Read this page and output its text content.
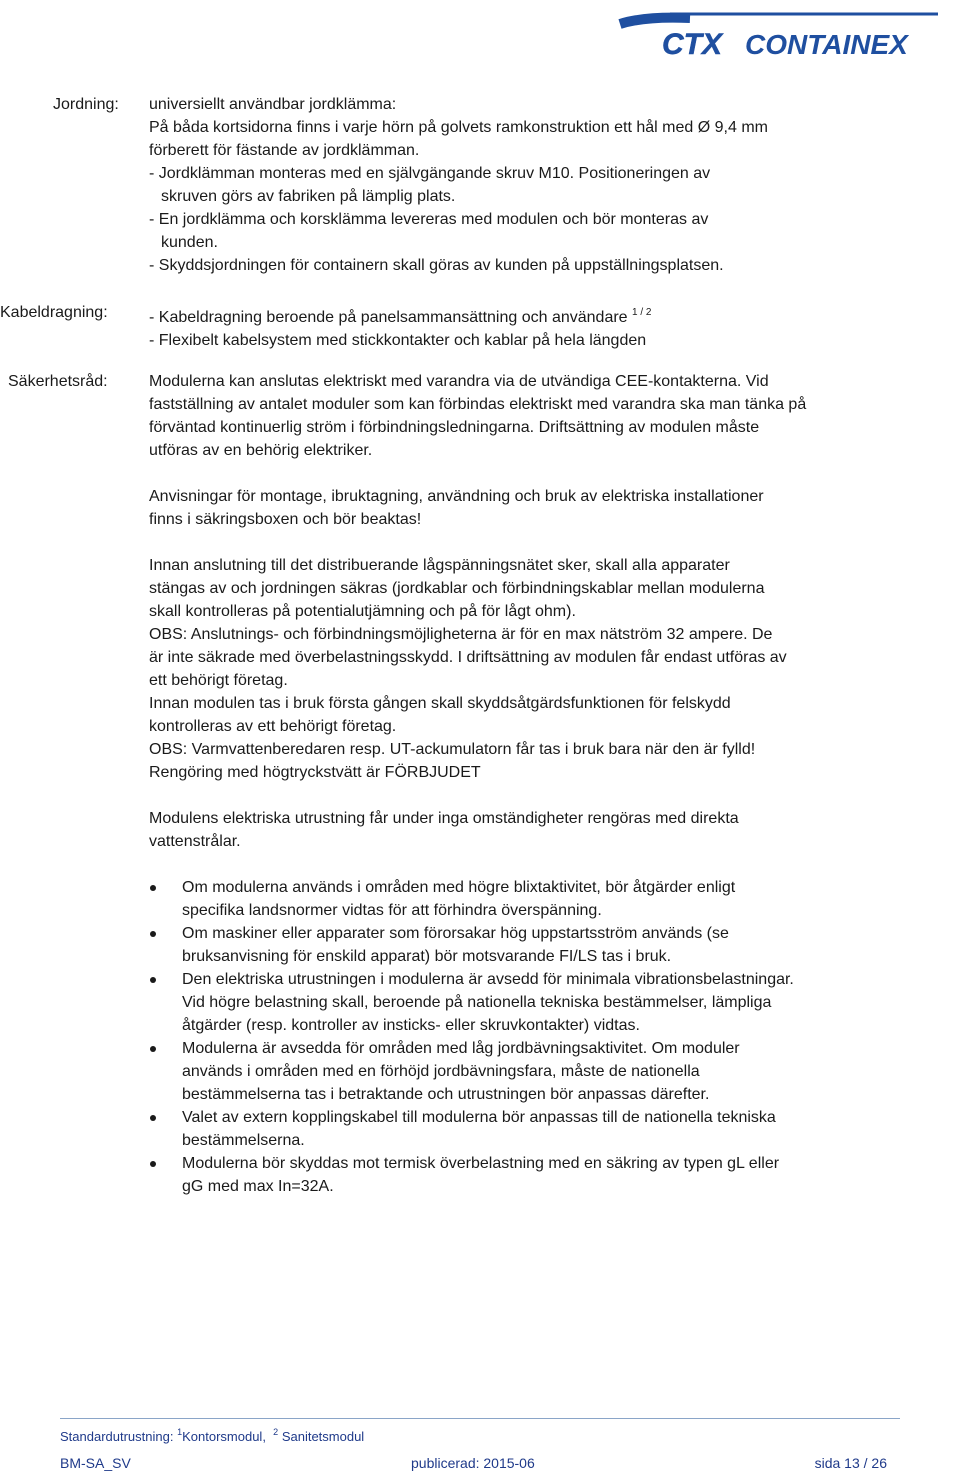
CTX CONTAINEX
Jordning: universiellt användbar jordklämma:
På båda kortsidorna finns i varje hörn på golvets ramkonstruktion ett hål med Ø 9,4 mm
förberett för fästande av jordklämman.
- Jordklämman monteras med en självgängande skruv M10. Positioneringen av
skruven görs av fabriken på lämplig plats.
- En jordklämma och korsklämma levereras med modulen och bör monteras av
kunden.
- Skyddsjordningen för containern skall göras av kunden på uppställningsplatsen.
Kabeldragning:	- Kabeldragning beroende på panelsammansättning och användare $^{1 / 2}$
- Flexibelt kabelsystem med stickkontakter och kablar på hela längden
Säkerhetsråd:	Modulerna kan anslutas elektriskt med varandra via de utvändiga CEE-kontakterna. Vid
fastställning av antalet moduler som kan förbindas elektriskt med varandra ska man tänka på
förväntad kontinuerlig ström i förbindningsledningarna. Driftsättning av modulen måste
utföras av en behörig elektriker.
Anvisningar för montage, ibruktagning, användning och bruk av elektriska installationer
finns i säkringsboxen och bör beaktas!
Innan anslutning till det distribuerande lågspänningsnätet sker, skall alla apparater
stängas av och jordningen säkras (jordkablar och förbindningskablar mellan modulerna
skall kontrolleras på potentialutjämning och på för lågt ohm).
OBS: Anslutnings- och förbindningsmöjligheterna är för en max nätström 32 ampere. De
är inte säkrade med överbelastningsskydd. I driftsättning av modulen får endast utföras av
ett behörigt företag.
Innan modulen tas i bruk första gången skall skyddsåtgärdsfunktionen för felskydd
kontrolleras av ett behörigt företag.
OBS: Varmvattenberedaren resp. UT-ackumulatorn får tas i bruk bara när den är fylld!
Rengöring med högtryckstvätt är FÖRBJUDET
Modulens elektriska utrustning får under inga omständigheter rengöras med direkta
vattenstrålar.
Om modulerna används i områden med högre blixtaktivitet, bör åtgärder enligt
specifika landsnormer vidtas för att förhindra överspänning.
Om maskiner eller apparater som förorsakar hög uppstartsström används (se
bruksanvisning för enskild apparat) bör motsvarande FI/LS tas i bruk.
Den elektriska utrustningen i modulerna är avsedd för minimala vibrationsbelastningar.
Vid högre belastning skall, beroende på nationella tekniska bestämmelser, lämpliga
åtgärder (resp. kontroller av insticks- eller skruvkontakter) vidtas.
Modulerna är avsedda för områden med låg jordbävningsaktivitet. Om moduler
används i områden med en förhöjd jordbävningsfara, måste de nationella
bestämmelserna tas i betraktande och utrustningen bör anpassas därefter.
Valet av extern kopplingskabel till modulerna bör anpassas till de nationella tekniska
bestämmelserna.
Modulerna bör skyddas mot termisk överbelastning med en säkring av typen gL eller
gG med max In=32A.
Standardutrustning: $^1$Kontorsmodul, $^2$ Sanitetsmodul
BM-SA_SV	publicerad: 2015-06	sida 13 / 26
